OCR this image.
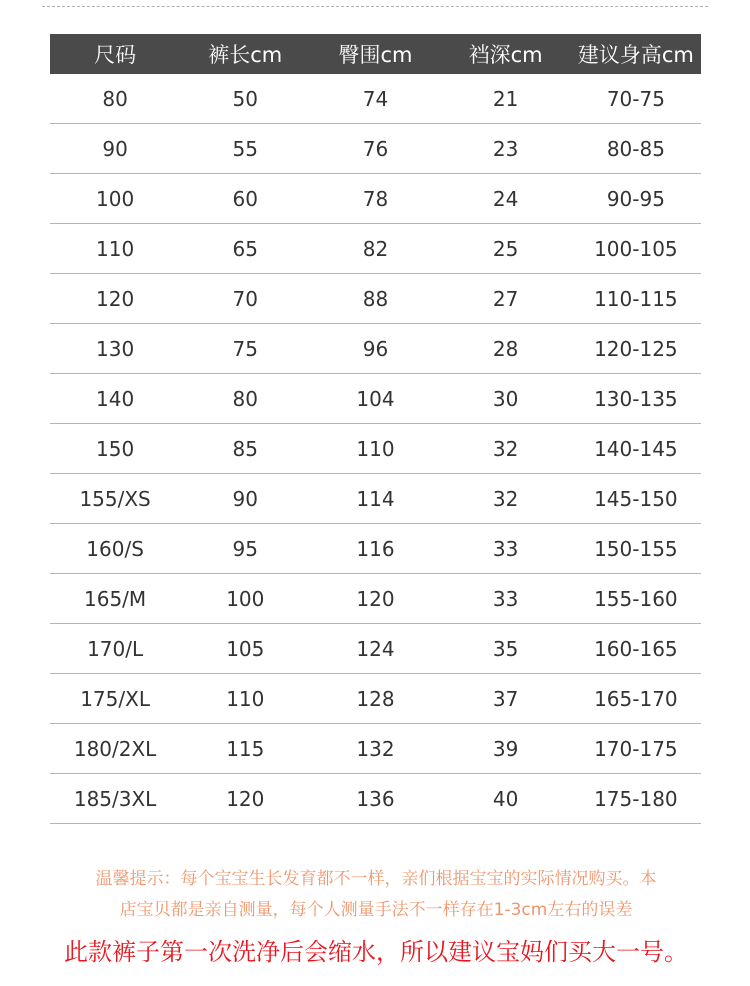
尺码	裤长cm	臀围cm	裆深cm	建议身高cm
80	50	74	21	70-75
90	55	76	23	80-85
100	60	78	24	90-95
110	65	82	25	100-105
120	70	88	27	110-115
130	75	96	28	120-125
140	80	104	30	130-135
150	85	110	32	140-145
155/XS	90	114	32	145-150
160/S	95	116	33	150-155
165/M	100	120	33	155-160
170/L	105	124	35	160-165
175/XL	110	128	37	165-170
180/2XL	115	132	39	170-175
185/3XL	120	136	40	175-180
温馨提示：每个宝宝生长发育都不一样，亲们根据宝宝的实际情况购买。本
店宝贝都是亲自测量，每个人测量手法不一样存在1-3cm左右的误差
此款裤子第一次洗净后会缩水，所以建议宝妈们买大一号。
